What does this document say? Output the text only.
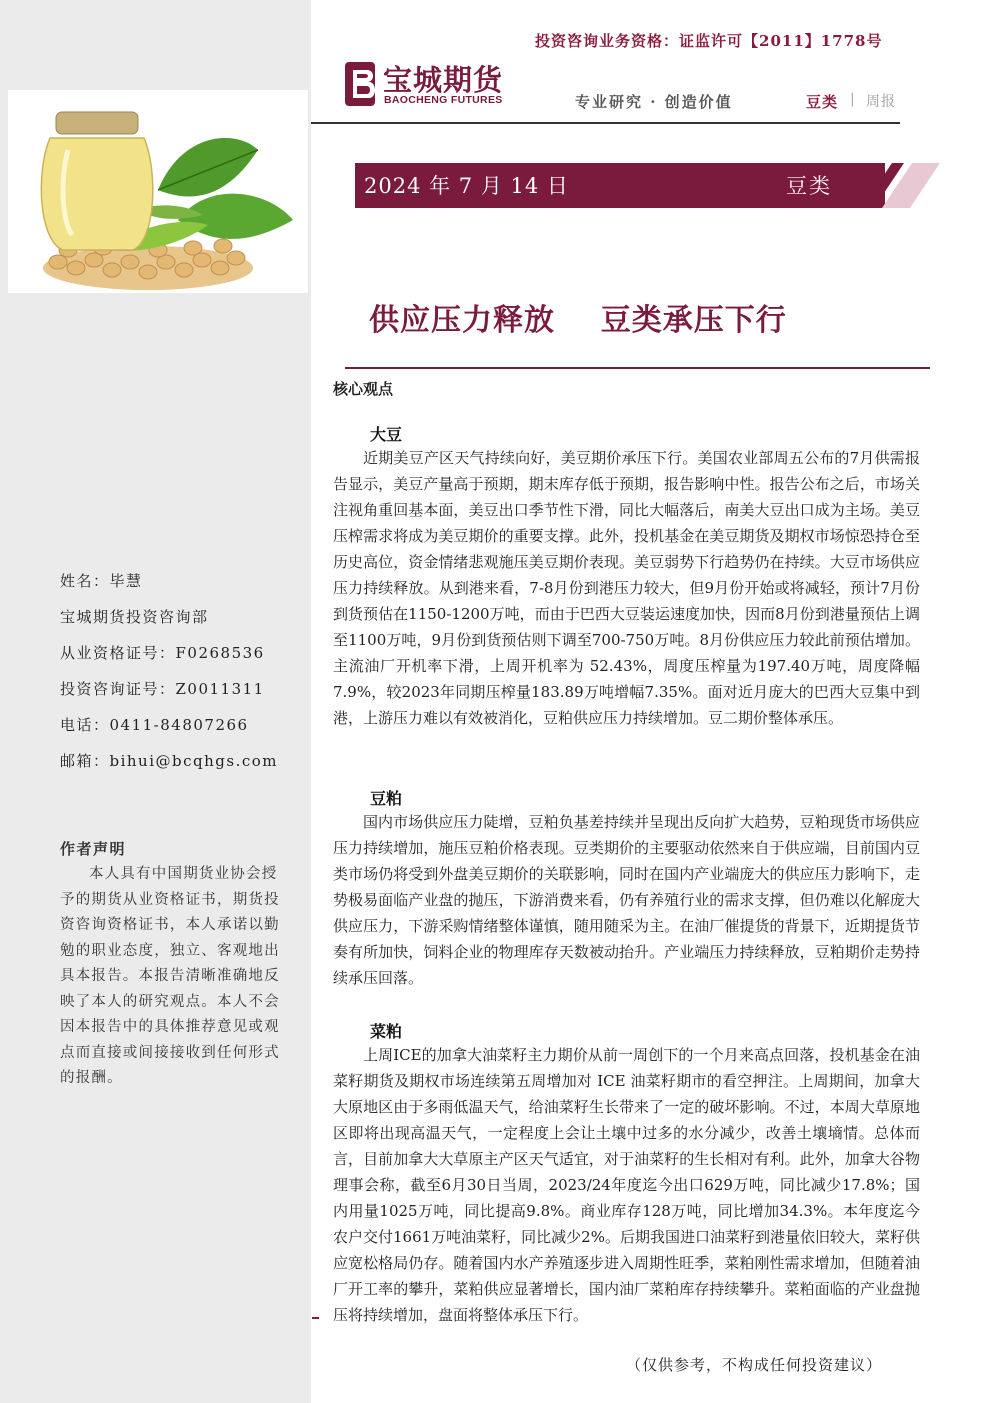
姓名：毕慧
宝城期货投资咨询部
从业资格证号：F0268536
投资咨询证号：Z0011311
电话：0411-84807266
邮箱：bihui@bcqhgs.com
作者声明
本人具有中国期货业协会授予的期货从业资格证书，期货投资咨询资格证书，本人承诺以勤勉的职业态度，独立、客观地出具本报告。本报告清晰准确地反映了本人的研究观点。本人不会因本报告中的具体推荐意见或观点而直接或间接接收到任何形式的报酬。
投资咨询业务资格：证监许可【2011】1778号
宝城期货
BAOCHENG FUTURES	专业研究 · 创造价值	豆类 | 周报
2024 年 7 月 14 日	豆类
供应压力释放    豆类承压下行
核心观点
大豆
近期美豆产区天气持续向好，美豆期价承压下行。美国农业部周五公布的7月供需报告显示，美豆产量高于预期，期末库存低于预期，报告影响中性。报告公布之后，市场关注视角重回基本面，美豆出口季节性下滑，同比大幅落后，南美大豆出口成为主场。美豆压榨需求将成为美豆期价的重要支撑。此外，投机基金在美豆期货及期权市场惊恐持仓至历史高位，资金情绪悲观施压美豆期价表现。美豆弱势下行趋势仍在持续。大豆市场供应压力持续释放。从到港来看，7-8月份到港压力较大，但9月份开始或将减轻，预计7月份到货预估在1150-1200万吨，而由于巴西大豆装运速度加快，因而8月份到港量预估上调至1100万吨，9月份到货预估则下调至700-750万吨。8月份供应压力较此前预估增加。主流油厂开机率下滑，上周开机率为 52.43%，周度压榨量为197.40万吨，周度降幅7.9%，较2023年同期压榨量183.89万吨增幅7.35%。面对近月庞大的巴西大豆集中到港，上游压力难以有效被消化，豆粕供应压力持续增加。豆二期价整体承压。
豆粕
国内市场供应压力陡增，豆粕负基差持续并呈现出反向扩大趋势，豆粕现货市场供应压力持续增加，施压豆粕价格表现。豆类期价的主要驱动依然来自于供应端，目前国内豆类市场仍将受到外盘美豆期价的关联影响，同时在国内产业端庞大的供应压力影响下，走势极易面临产业盘的抛压，下游消费来看，仍有养殖行业的需求支撑，但仍难以化解庞大供应压力，下游采购情绪整体谨慎，随用随采为主。在油厂催提货的背景下，近期提货节奏有所加快，饲料企业的物理库存天数被动抬升。产业端压力持续释放，豆粕期价走势持续承压回落。
菜粕
上周ICE的加拿大油菜籽主力期价从前一周创下的一个月来高点回落，投机基金在油菜籽期货及期权市场连续第五周增加对 ICE 油菜籽期市的看空押注。上周期间，加拿大大原地区由于多雨低温天气，给油菜籽生长带来了一定的破坏影响。不过，本周大草原地区即将出现高温天气，一定程度上会让土壤中过多的水分减少，改善土壤墒情。总体而言，目前加拿大大草原主产区天气适宜，对于油菜籽的生长相对有利。此外，加拿大谷物理事会称，截至6月30日当周，2023/24年度迄今出口629万吨，同比减少17.8%；国内用量1025万吨，同比提高9.8%。商业库存128万吨，同比增加34.3%。本年度迄今农户交付1661万吨油菜籽，同比减少2%。后期我国进口油菜籽到港量依旧较大，菜籽供应宽松格局仍存。随着国内水产养殖逐步进入周期性旺季，菜粕刚性需求增加，但随着油厂开工率的攀升，菜粕供应显著增长，国内油厂菜粕库存持续攀升。菜粕面临的产业盘抛压将持续增加，盘面将整体承压下行。
（仅供参考，不构成任何投资建议）
